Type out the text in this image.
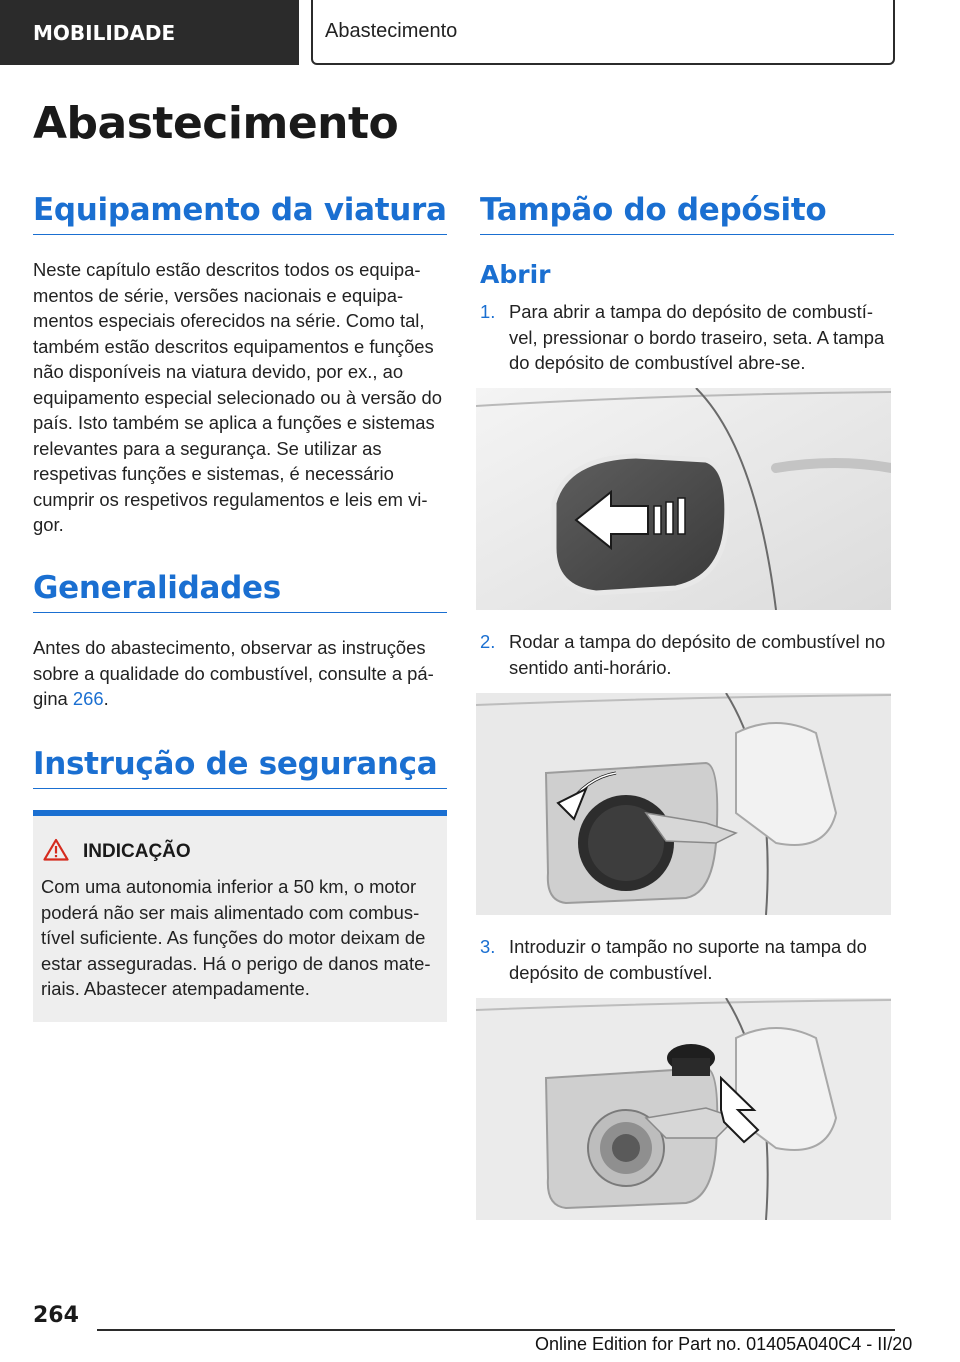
MOBILIDADE	Abastecimento
Abastecimento
Equipamento da viatura

Neste capítulo estão descritos todos os equipamentos de série, versões nacionais e equipamentos especiais oferecidos na série. Como tal, também estão descritos equipamentos e funções não disponíveis na viatura devido, por ex., ao equipamento especial selecionado ou à versão do país. Isto também se aplica a funções e sistemas relevantes para a segurança. Se utilizar as respetivas funções e sistemas, é necessário cumprir os respetivos regulamentos e leis em vigor.

Generalidades

Antes do abastecimento, observar as instruções sobre a qualidade do combustível, consulte a página 266.

Instrução de segurança
INDICAÇÃO

Com uma autonomia inferior a 50 km, o motor poderá não ser mais alimentado com combustível suficiente. As funções do motor deixam de estar asseguradas. Há o perigo de danos materiais. Abastecer atempadamente.

Tampão do depósito
Abrir
1. Para abrir a tampa do depósito de combustível, pressionar o bordo traseiro, seta. A tampa do depósito de combustível abre-se.
2. Rodar a tampa do depósito de combustível no sentido anti-horário.
3. Introduzir o tampão no suporte na tampa do depósito de combustível.
264
Online Edition for Part no. 01405A040C4 - II/20
